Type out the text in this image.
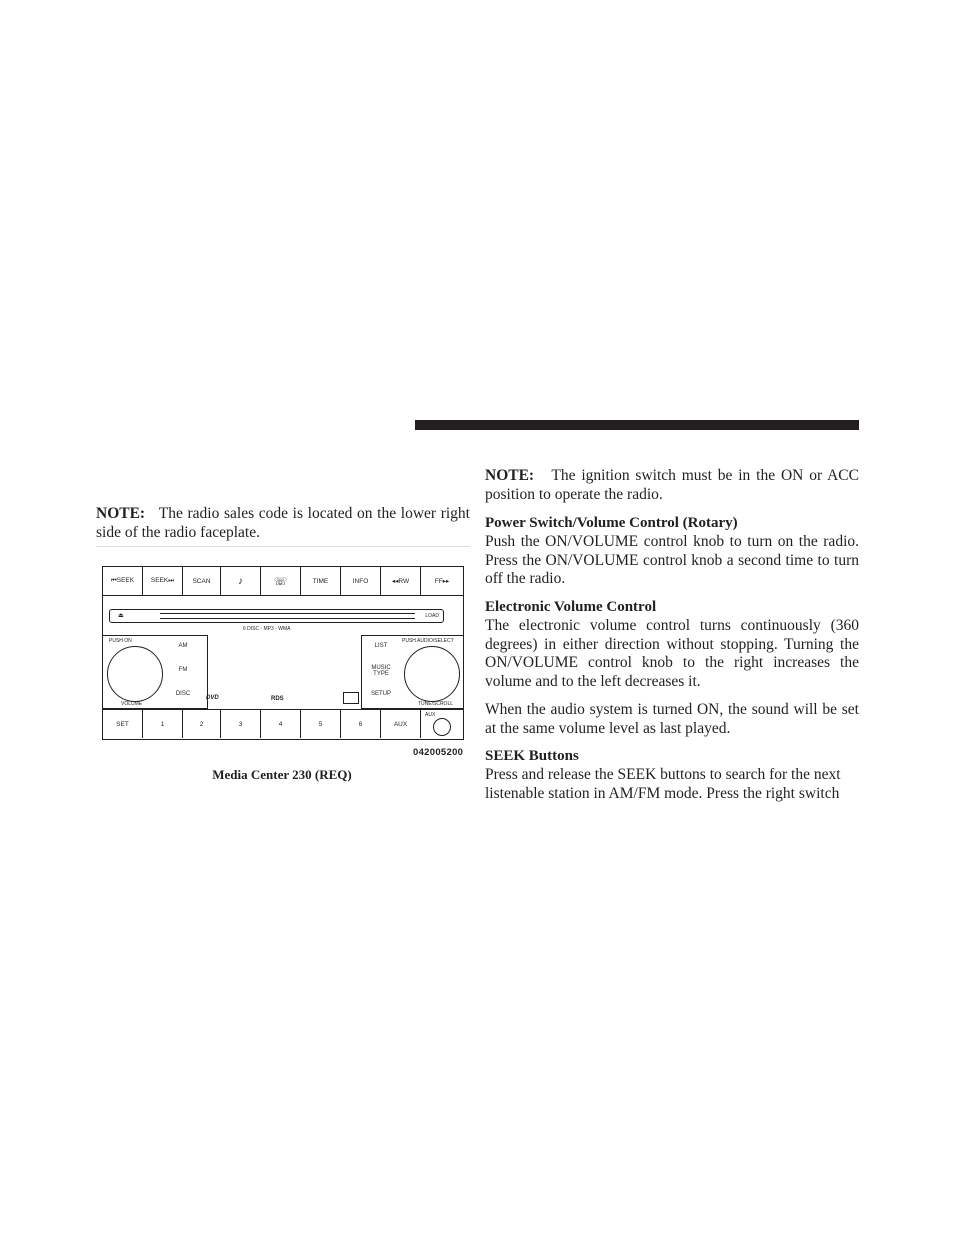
NOTE: The radio sales code is located on the lower right side of the radio faceplate.

⏮SEEK	SEEK⏭	SCAN	♪	☏	TIME	INFO	◂◂RW	FF▸▸
⏏	LOAD
6 DISC - MP3 - WMA
PUSH ON
VOLUME
AM
FM
DISC
DVD	RDS
LIST
MUSIC TYPE
SETUP
PUSH AUDIO/SELECT
TUNE/SCROLL
SET	1	2	3	4	5	6	AUX
AUX
042005200
Media Center 230 (REQ)

NOTE: The ignition switch must be in the ON or ACC position to operate the radio.

Power Switch/Volume Control (Rotary)

Push the ON/VOLUME control knob to turn on the radio. Press the ON/VOLUME control knob a second time to turn off the radio.

Electronic Volume Control

The electronic volume control turns continuously (360 degrees) in either direction without stopping. Turning the ON/VOLUME control knob to the right increases the volume and to the left decreases it.

When the audio system is turned ON, the sound will be set at the same volume level as last played.

SEEK Buttons

Press and release the SEEK buttons to search for the next listenable station in AM/FM mode. Press the right switch
